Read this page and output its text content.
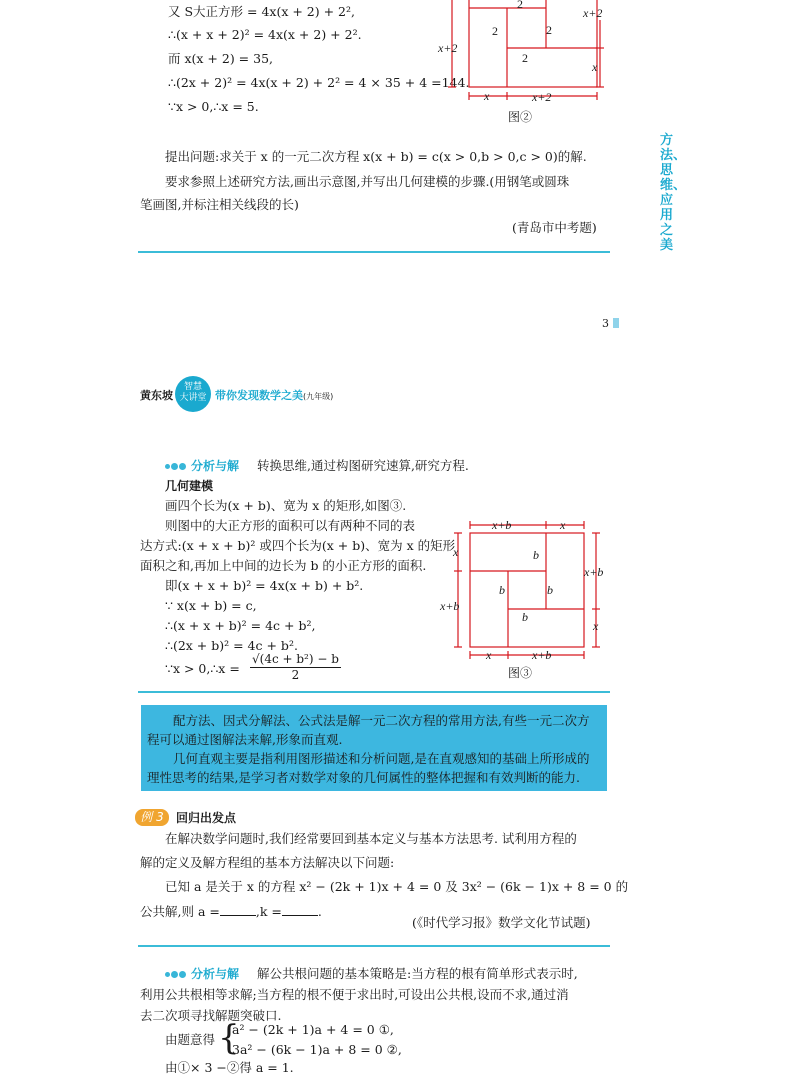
又 S大正方形 = 4x(x + 2) + 2²,
∴(x + x + 2)² = 4x(x + 2) + 2².
而 x(x + 2) = 35,
∴(2x + 2)² = 4x(x + 2) + 2² = 4 × 35 + 4 =144.
∵x > 0,∴x = 5.
2
2	2
2
x+2
x
x+2
x	x+2
图②
提出问题:求关于 x 的一元二次方程 x(x + b) = c(x > 0,b > 0,c > 0)的解.
要求参照上述研究方法,画出示意图,并写出几何建模的步骤.(用钢笔或圆珠
笔画图,并标注相关线段的长)
(青岛市中考题)
方法、思维、应用之美
3
黄东坡
智慧
大讲堂 带你发现数学之美(九年级)
分析与解 转换思维,通过构图研究速算,研究方程.
几何建模
画四个长为(x + b)、宽为 x 的矩形,如图③.
则图中的大正方形的面积可以有两种不同的表
达方式:(x + x + b)² 或四个长为(x + b)、宽为 x 的矩形
面积之和,再加上中间的边长为 b 的小正方形的面积.
即(x + x + b)² = 4x(x + b) + b².
∵ x(x + b) = c,
∴(x + x + b)² = 4c + b²,
∴(2x + b)² = 4c + b².
∵x > 0,∴x = $\frac{\text{√(4c + b²) − b}}{2}$
x+b	x
x
x+b
x+b
x
x	x+b
b
b	b
b
图③
配方法、因式分解法、公式法是解一元二次方程的常用方法,有些一元二次方
程可以通过图解法来解,形象而直观.
几何直观主要是指利用图形描述和分析问题,是在直观感知的基础上所形成的
理性思考的结果,是学习者对数学对象的几何属性的整体把握和有效判断的能力.
例 3	回归出发点
在解决数学问题时,我们经常要回到基本定义与基本方法思考. 试利用方程的
解的定义及解方程组的基本方法解决以下问题:
已知 a 是关于 x 的方程 x² − (2k + 1)x + 4 = 0 及 3x² − (6k − 1)x + 8 = 0 的
公共解,则 a =	,k =	.
(《时代学习报》数学文化节试题)
分析与解 解公共根问题的基本策略是:当方程的根有简单形式表示时,
利用公共根相等求解;当方程的根不便于求出时,可设出公共根,设而不求,通过消
去二次项寻找解题突破口.
由题意得 {
a² − (2k + 1)a + 4 = 0 ①,
3a² − (6k − 1)a + 8 = 0 ②,
由①× 3 −②得 a = 1.
